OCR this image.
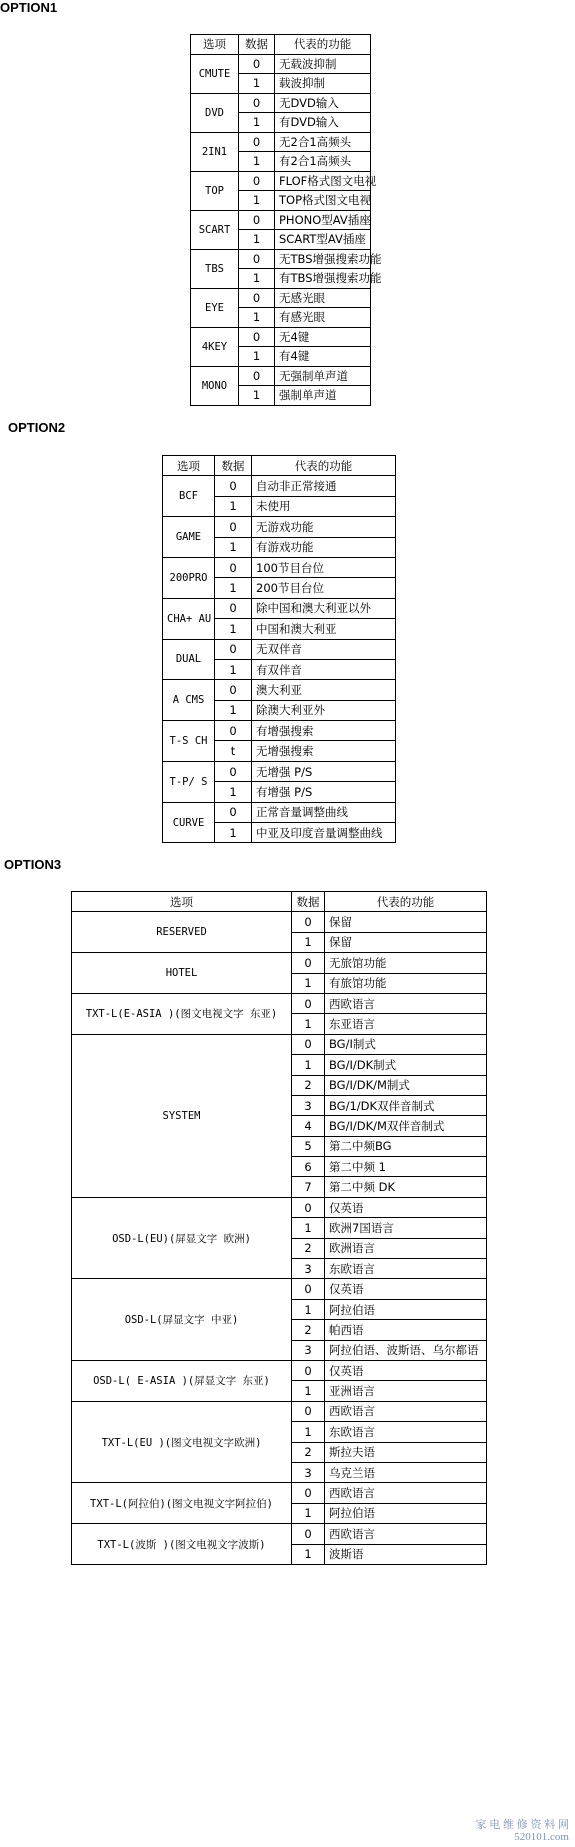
OPTION1
选项	数据	代表的功能
CMUTE	0	无载波抑制
	1	载波抑制
DVD	0	无DVD输入
	1	有DVD输入
2IN1	0	无2合1高频头
	1	有2合1高频头
TOP	0	FLOF格式图文电视
	1	TOP格式图文电视
SCART	0	PHONO型AV插座
	1	SCART型AV插座
TBS	0	无TBS增强搜索功能
	1	有TBS增强搜索功能
EYE	0	无感光眼
	1	有感光眼
4KEY	0	无4键
	1	有4键
MONO	0	无强制单声道
	1	强制单声道
OPTION2
选项	数据	代表的功能
BCF	0	自动非正常接通
	1	未使用
GAME	0	无游戏功能
	1	有游戏功能
200PRO	0	100节目台位
	1	200节目台位
CHA+ AU	0	除中国和澳大利亚以外
	1	中国和澳大利亚
DUAL	0	无双伴音
	1	有双伴音
A CMS	0	澳大利亚
	1	除澳大利亚外
T-S CH	0	有增强搜索
	t	无增强搜索
T-P/ S	0	无增强 P/S
	1	有增强 P/S
CURVE	0	正常音量调整曲线
	1	中亚及印度音量调整曲线
OPTION3
选项	数据	代表的功能
RESERVED	0	保留
	1	保留
HOTEL	0	无旅馆功能
	1	有旅馆功能
TXT-L(E-ASIA )(图文电视文字 东亚)	0	西欧语言
	1	东亚语言
SYSTEM	0	BG/I制式
	1	BG/I/DK制式
	2	BG/I/DK/M制式
	3	BG/1/DK双伴音制式
	4	BG/I/DK/M双伴音制式
	5	第二中频BG
	6	第二中频 1
	7	第二中频 DK
OSD-L(EU)(屏显文字 欧洲)	0	仅英语
	1	欧洲7国语言
	2	欧洲语言
	3	东欧语言
OSD-L(屏显文字 中亚)	0	仅英语
	1	阿拉伯语
	2	帕西语
	3	阿拉伯语、波斯语、乌尔都语
OSD-L( E-ASIA )(屏显文字 东亚)	0	仅英语
	1	亚洲语言
TXT-L(EU )(图文电视文字欧洲)	0	西欧语言
	1	东欧语言
	2	斯拉夫语
	3	乌克兰语
TXT-L(阿拉伯)(图文电视文字阿拉伯)	0	西欧语言
	1	阿拉伯语
TXT-L(波斯 )(图文电视文字波斯)	0	西欧语言
	1	波斯语
家 电 维 修 资 料 网
520101.com
